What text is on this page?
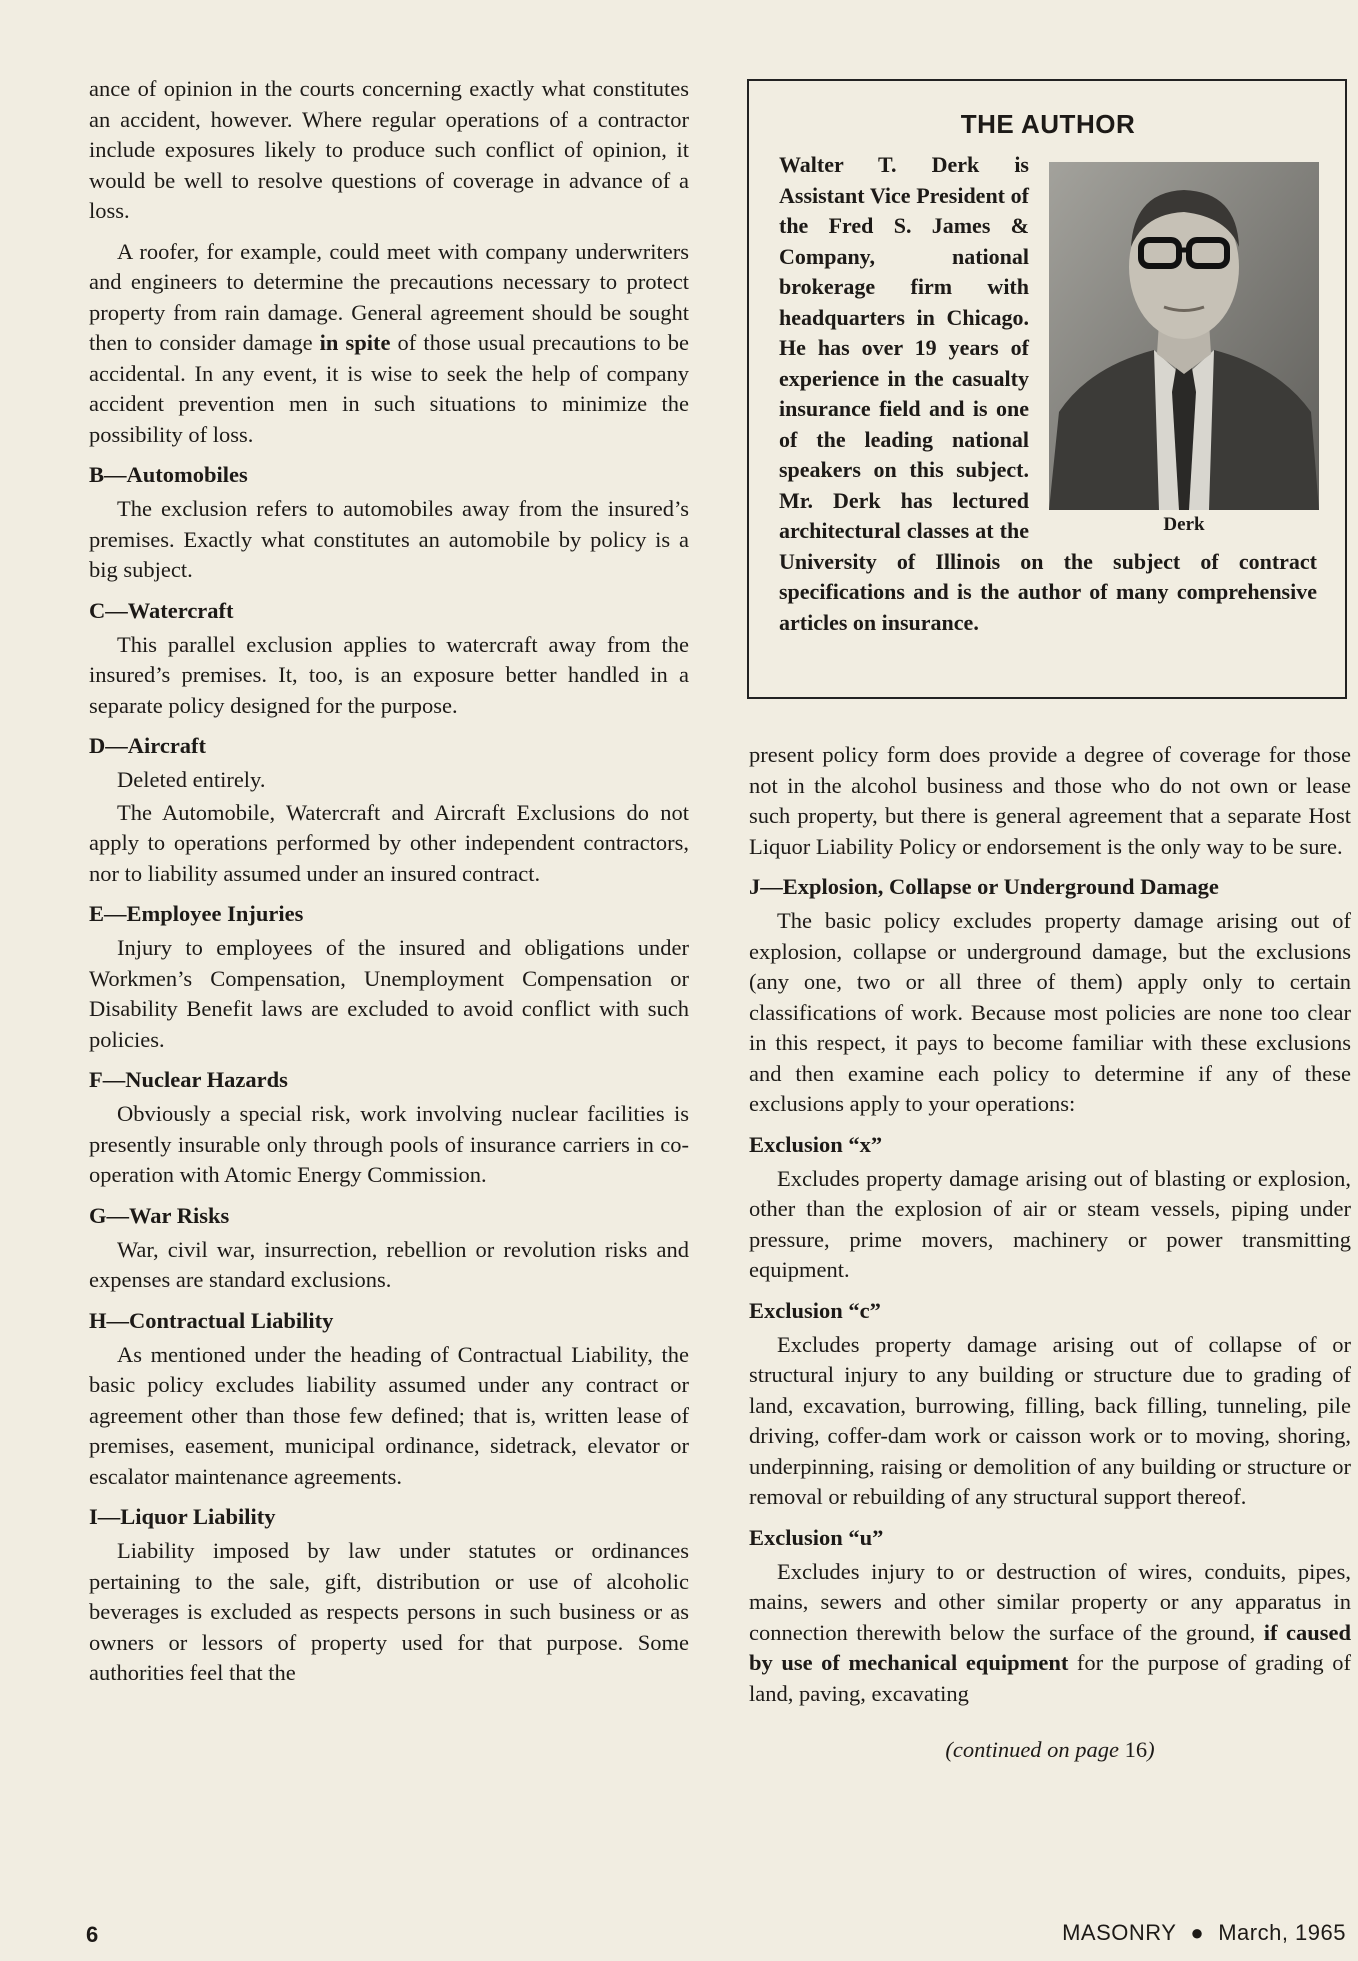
ance of opinion in the courts concerning exactly what constitutes an accident, however. Where regular operations of a contractor include exposures likely to produce such conflict of opinion, it would be well to resolve questions of coverage in advance of a loss.

A roofer, for example, could meet with company underwriters and engineers to determine the precautions necessary to protect property from rain damage. General agreement should be sought then to consider damage in spite of those usual precautions to be accidental. In any event, it is wise to seek the help of company accident prevention men in such situations to minimize the possibility of loss.

B—Automobiles

The exclusion refers to automobiles away from the insured’s premises. Exactly what constitutes an automobile by policy is a big subject.

C—Watercraft

This parallel exclusion applies to watercraft away from the insured’s premises. It, too, is an exposure better handled in a separate policy designed for the purpose.

D—Aircraft

Deleted entirely.

The Automobile, Watercraft and Aircraft Exclusions do not apply to operations performed by other independent contractors, nor to liability assumed under an insured contract.

E—Employee Injuries

Injury to employees of the insured and obligations under Workmen’s Compensation, Unemployment Compensation or Disability Benefit laws are excluded to avoid conflict with such policies.

F—Nuclear Hazards

Obviously a special risk, work involving nuclear facilities is presently insurable only through pools of insurance carriers in co-operation with Atomic Energy Commission.

G—War Risks

War, civil war, insurrection, rebellion or revolution risks and expenses are standard exclusions.

H—Contractual Liability

As mentioned under the heading of Contractual Liability, the basic policy excludes liability assumed under any contract or agreement other than those few defined; that is, written lease of premises, easement, municipal ordinance, sidetrack, elevator or escalator maintenance agreements.

I—Liquor Liability

Liability imposed by law under statutes or ordinances pertaining to the sale, gift, distribution or use of alcoholic beverages is excluded as respects persons in such business or as owners or lessors of property used for that purpose. Some authorities feel that the

THE AUTHOR
Derk

Walter T. Derk is Assistant Vice President of the Fred S. James & Company, national brokerage firm with headquarters in Chicago. He has over 19 years of experience in the casualty insurance field and is one of the leading national speakers on this subject. Mr. Derk has lectured architectural classes at the University of Illinois on the subject of contract specifications and is the author of many comprehensive articles on insurance.

present policy form does provide a degree of coverage for those not in the alcohol business and those who do not own or lease such property, but there is general agreement that a separate Host Liquor Liability Policy or endorsement is the only way to be sure.

J—Explosion, Collapse or Underground Damage

The basic policy excludes property damage arising out of explosion, collapse or underground damage, but the exclusions (any one, two or all three of them) apply only to certain classifications of work. Because most policies are none too clear in this respect, it pays to become familiar with these exclusions and then examine each policy to determine if any of these exclusions apply to your operations:

Exclusion “x”

Excludes property damage arising out of blasting or explosion, other than the explosion of air or steam vessels, piping under pressure, prime movers, machinery or power transmitting equipment.

Exclusion “c”

Excludes property damage arising out of collapse of or structural injury to any building or structure due to grading of land, excavation, burrowing, filling, back filling, tunneling, pile driving, coffer-dam work or caisson work or to moving, shoring, underpinning, raising or demolition of any building or structure or removal or rebuilding of any structural support thereof.

Exclusion “u”

Excludes injury to or destruction of wires, conduits, pipes, mains, sewers and other similar property or any apparatus in connection therewith below the surface of the ground, if caused by use of mechanical equipment for the purpose of grading of land, paving, excavating

(continued on page 16)

6	MASONRY ● March, 1965
